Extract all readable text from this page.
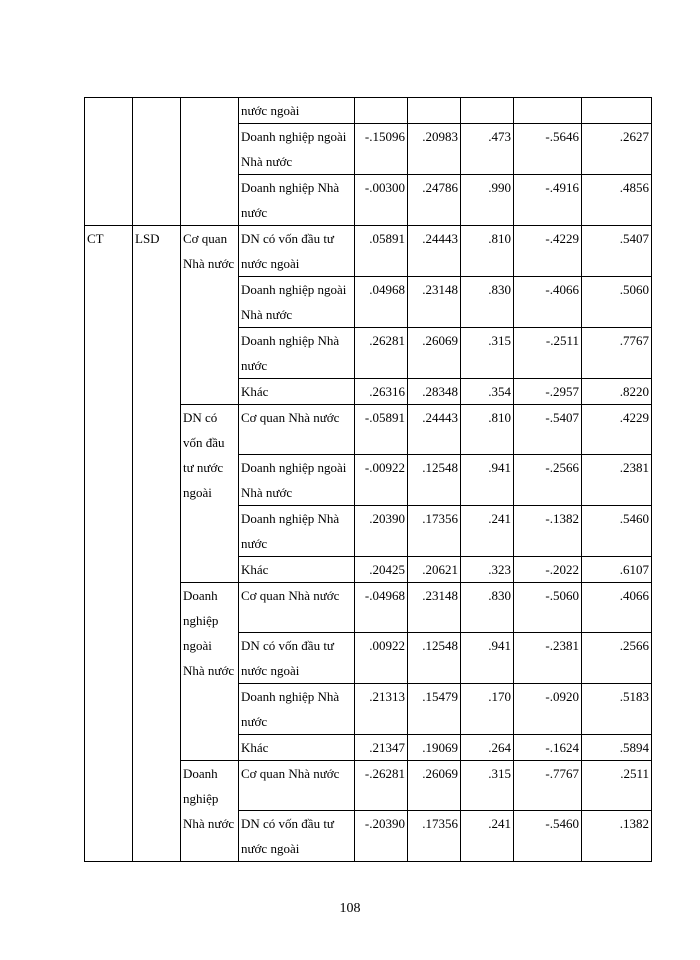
			nước ngoài					
			Doanh nghiệp ngoài Nhà nước	-.15096	.20983	.473	-.5646	.2627
			Doanh nghiệp Nhà nước	-.00300	.24786	.990	-.4916	.4856
CT	LSD	Cơ quan Nhà nước	DN có vốn đầu tư nước ngoài	.05891	.24443	.810	-.4229	.5407
			Doanh nghiệp ngoài Nhà nước	.04968	.23148	.830	-.4066	.5060
			Doanh nghiệp Nhà nước	.26281	.26069	.315	-.2511	.7767
			Khác	.26316	.28348	.354	-.2957	.8220
		DN có vốn đầu tư nước ngoài	Cơ quan Nhà nước	-.05891	.24443	.810	-.5407	.4229
			Doanh nghiệp ngoài Nhà nước	-.00922	.12548	.941	-.2566	.2381
			Doanh nghiệp Nhà nước	.20390	.17356	.241	-.1382	.5460
			Khác	.20425	.20621	.323	-.2022	.6107
		Doanh nghiệp ngoài Nhà nước	Cơ quan Nhà nước	-.04968	.23148	.830	-.5060	.4066
			DN có vốn đầu tư nước ngoài	.00922	.12548	.941	-.2381	.2566
			Doanh nghiệp Nhà nước	.21313	.15479	.170	-.0920	.5183
			Khác	.21347	.19069	.264	-.1624	.5894
		Doanh nghiệp Nhà nước	Cơ quan Nhà nước	-.26281	.26069	.315	-.7767	.2511
			DN có vốn đầu tư nước ngoài	-.20390	.17356	.241	-.5460	.1382
108
